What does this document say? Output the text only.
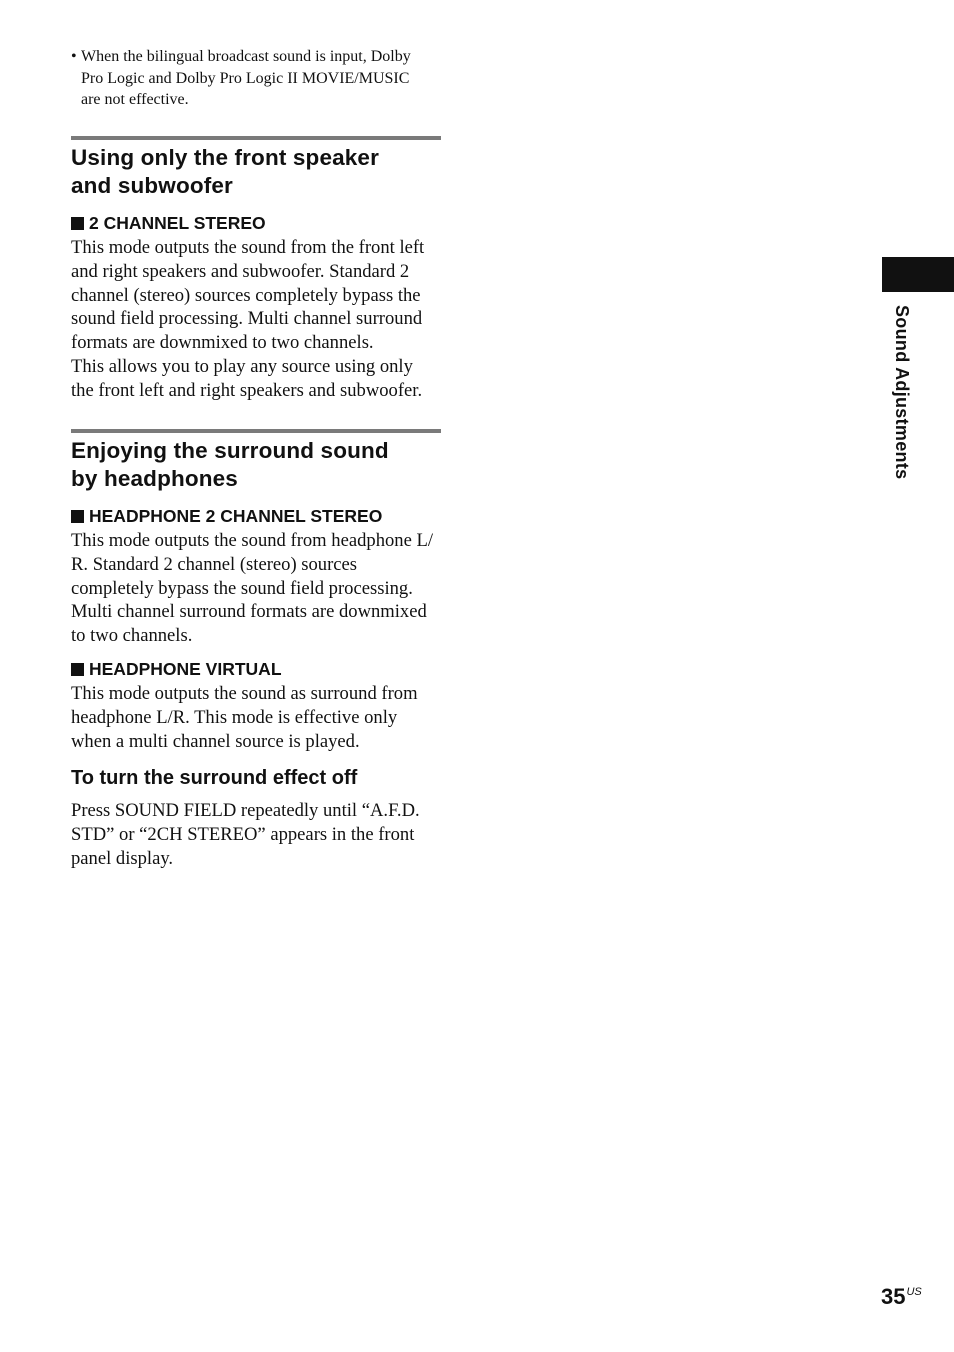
• When the bilingual broadcast sound is input, Dolby
Pro Logic and Dolby Pro Logic II MOVIE/MUSIC
are not effective.
Using only the front speaker
and subwoofer
2 CHANNEL STEREO

This mode outputs the sound from the front left
and right speakers and subwoofer. Standard 2
channel (stereo) sources completely bypass the
sound field processing. Multi channel surround
formats are downmixed to two channels.
This allows you to play any source using only
the front left and right speakers and subwoofer.

Enjoying the surround sound
by headphones
HEADPHONE 2 CHANNEL STEREO

This mode outputs the sound from headphone L/
R. Standard 2 channel (stereo) sources
completely bypass the sound field processing.
Multi channel surround formats are downmixed
to two channels.

HEADPHONE VIRTUAL

This mode outputs the sound as surround from
headphone L/R. This mode is effective only
when a multi channel source is played.

To turn the surround effect off

Press SOUND FIELD repeatedly until “A.F.D.
STD” or “2CH STEREO” appears in the front
panel display.

Sound Adjustments
$35^{US}$
